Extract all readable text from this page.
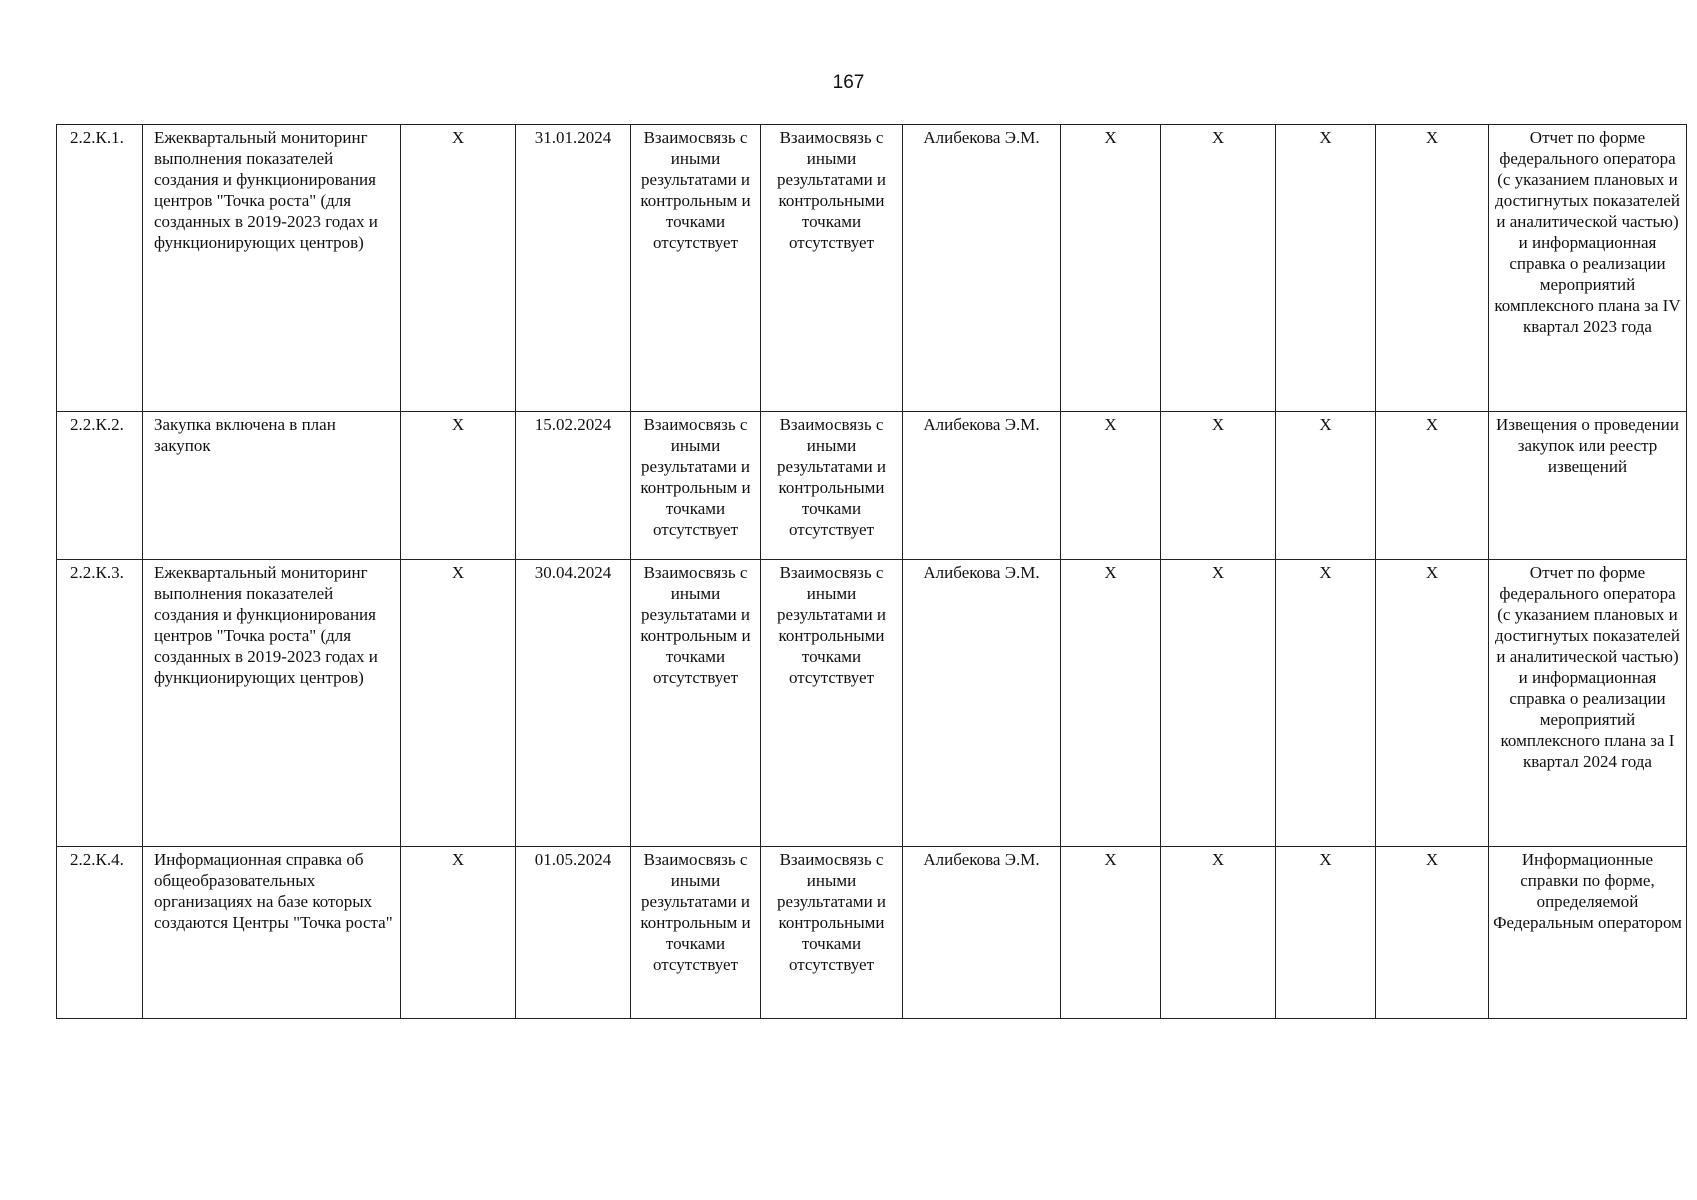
167
2.2.К.1.	Ежеквартальный мониторинг выполнения показателей создания и функционирования центров "Точка роста" (для созданных в 2019-2023 годах и функционирующих центров)	X	31.01.2024	Взаимосвязь с иными результатами и контрольным и точками отсутствует	Взаимосвязь с иными результатами и контрольными точками отсутствует	Алибекова Э.М.	X	X	X	X	Отчет по форме федерального оператора (с указанием плановых и достигнутых показателей и аналитической частью) и информационная справка о реализации мероприятий комплексного плана за IV квартал 2023 года
2.2.К.2.	Закупка включена в план закупок	X	15.02.2024	Взаимосвязь с иными результатами и контрольным и точками отсутствует	Взаимосвязь с иными результатами и контрольными точками отсутствует	Алибекова Э.М.	X	X	X	X	Извещения о проведении закупок или реестр извещений
2.2.К.3.	Ежеквартальный мониторинг выполнения показателей создания и функционирования центров "Точка роста" (для созданных в 2019-2023 годах и функционирующих центров)	X	30.04.2024	Взаимосвязь с иными результатами и контрольным и точками отсутствует	Взаимосвязь с иными результатами и контрольными точками отсутствует	Алибекова Э.М.	X	X	X	X	Отчет по форме федерального оператора (с указанием плановых и достигнутых показателей и аналитической частью) и информационная справка о реализации мероприятий комплексного плана за I квартал 2024 года
2.2.К.4.	Информационная справка об общеобразовательных организациях на базе которых создаются Центры "Точка роста"	X	01.05.2024	Взаимосвязь с иными результатами и контрольным и точками отсутствует	Взаимосвязь с иными результатами и контрольными точками отсутствует	Алибекова Э.М.	X	X	X	X	Информационные справки по форме, определяемой Федеральным оператором
